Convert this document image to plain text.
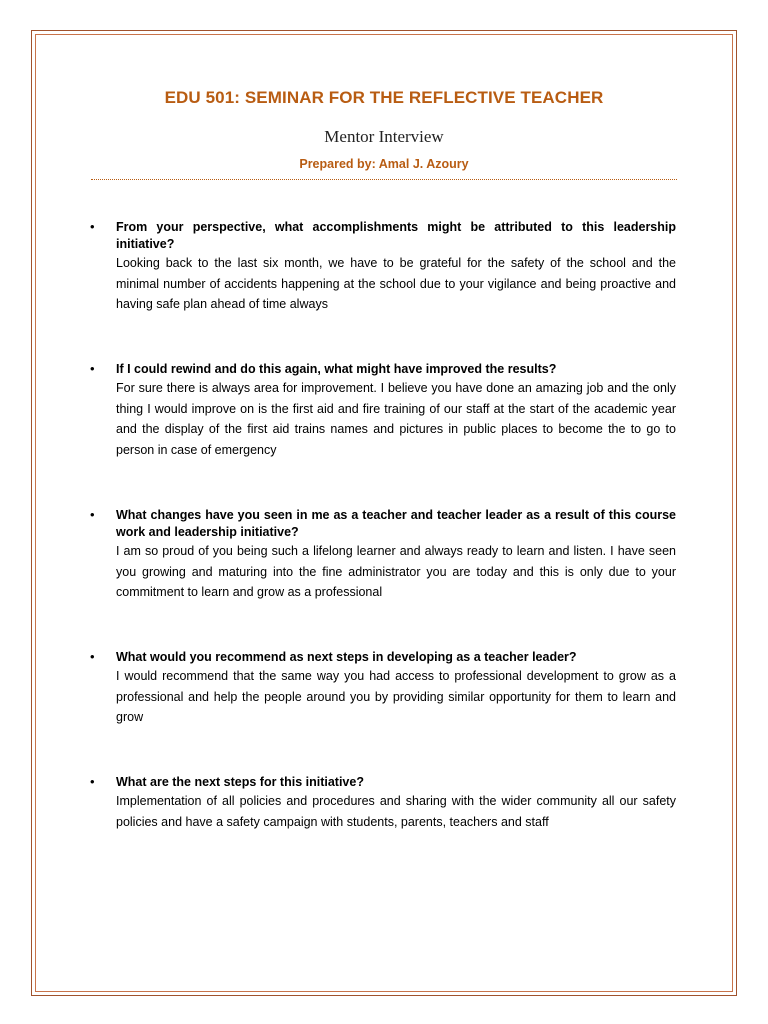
EDU 501: SEMINAR FOR THE REFLECTIVE TEACHER
Mentor Interview
Prepared by: Amal J. Azoury
• From your perspective, what accomplishments might be attributed to this leadership initiative?
Looking back to the last six month, we have to be grateful for the safety of the school and the minimal number of accidents happening at the school due to your vigilance and being proactive and having safe plan ahead of time always
• If I could rewind and do this again, what might have improved the results?
For sure there is always area for improvement. I believe you have done an amazing job and the only thing I would improve on is the first aid and fire training of our staff at the start of the academic year and the display of the first aid trains names and pictures in public places to become the to go to person in case of emergency
• What changes have you seen in me as a teacher and teacher leader as a result of this course work and leadership initiative?
I am so proud of you being such a lifelong learner and always ready to learn and listen. I have seen you growing and maturing into the fine administrator you are today and this is only due to your commitment to learn and grow as a professional
• What would you recommend as next steps in developing as a teacher leader?
I would recommend that the same way you had access to professional development to grow as a professional and help the people around you by providing similar opportunity for them to learn and grow
• What are the next steps for this initiative?
Implementation of all policies and procedures and sharing with the wider community all our safety policies and have a safety campaign with students, parents, teachers and staff
